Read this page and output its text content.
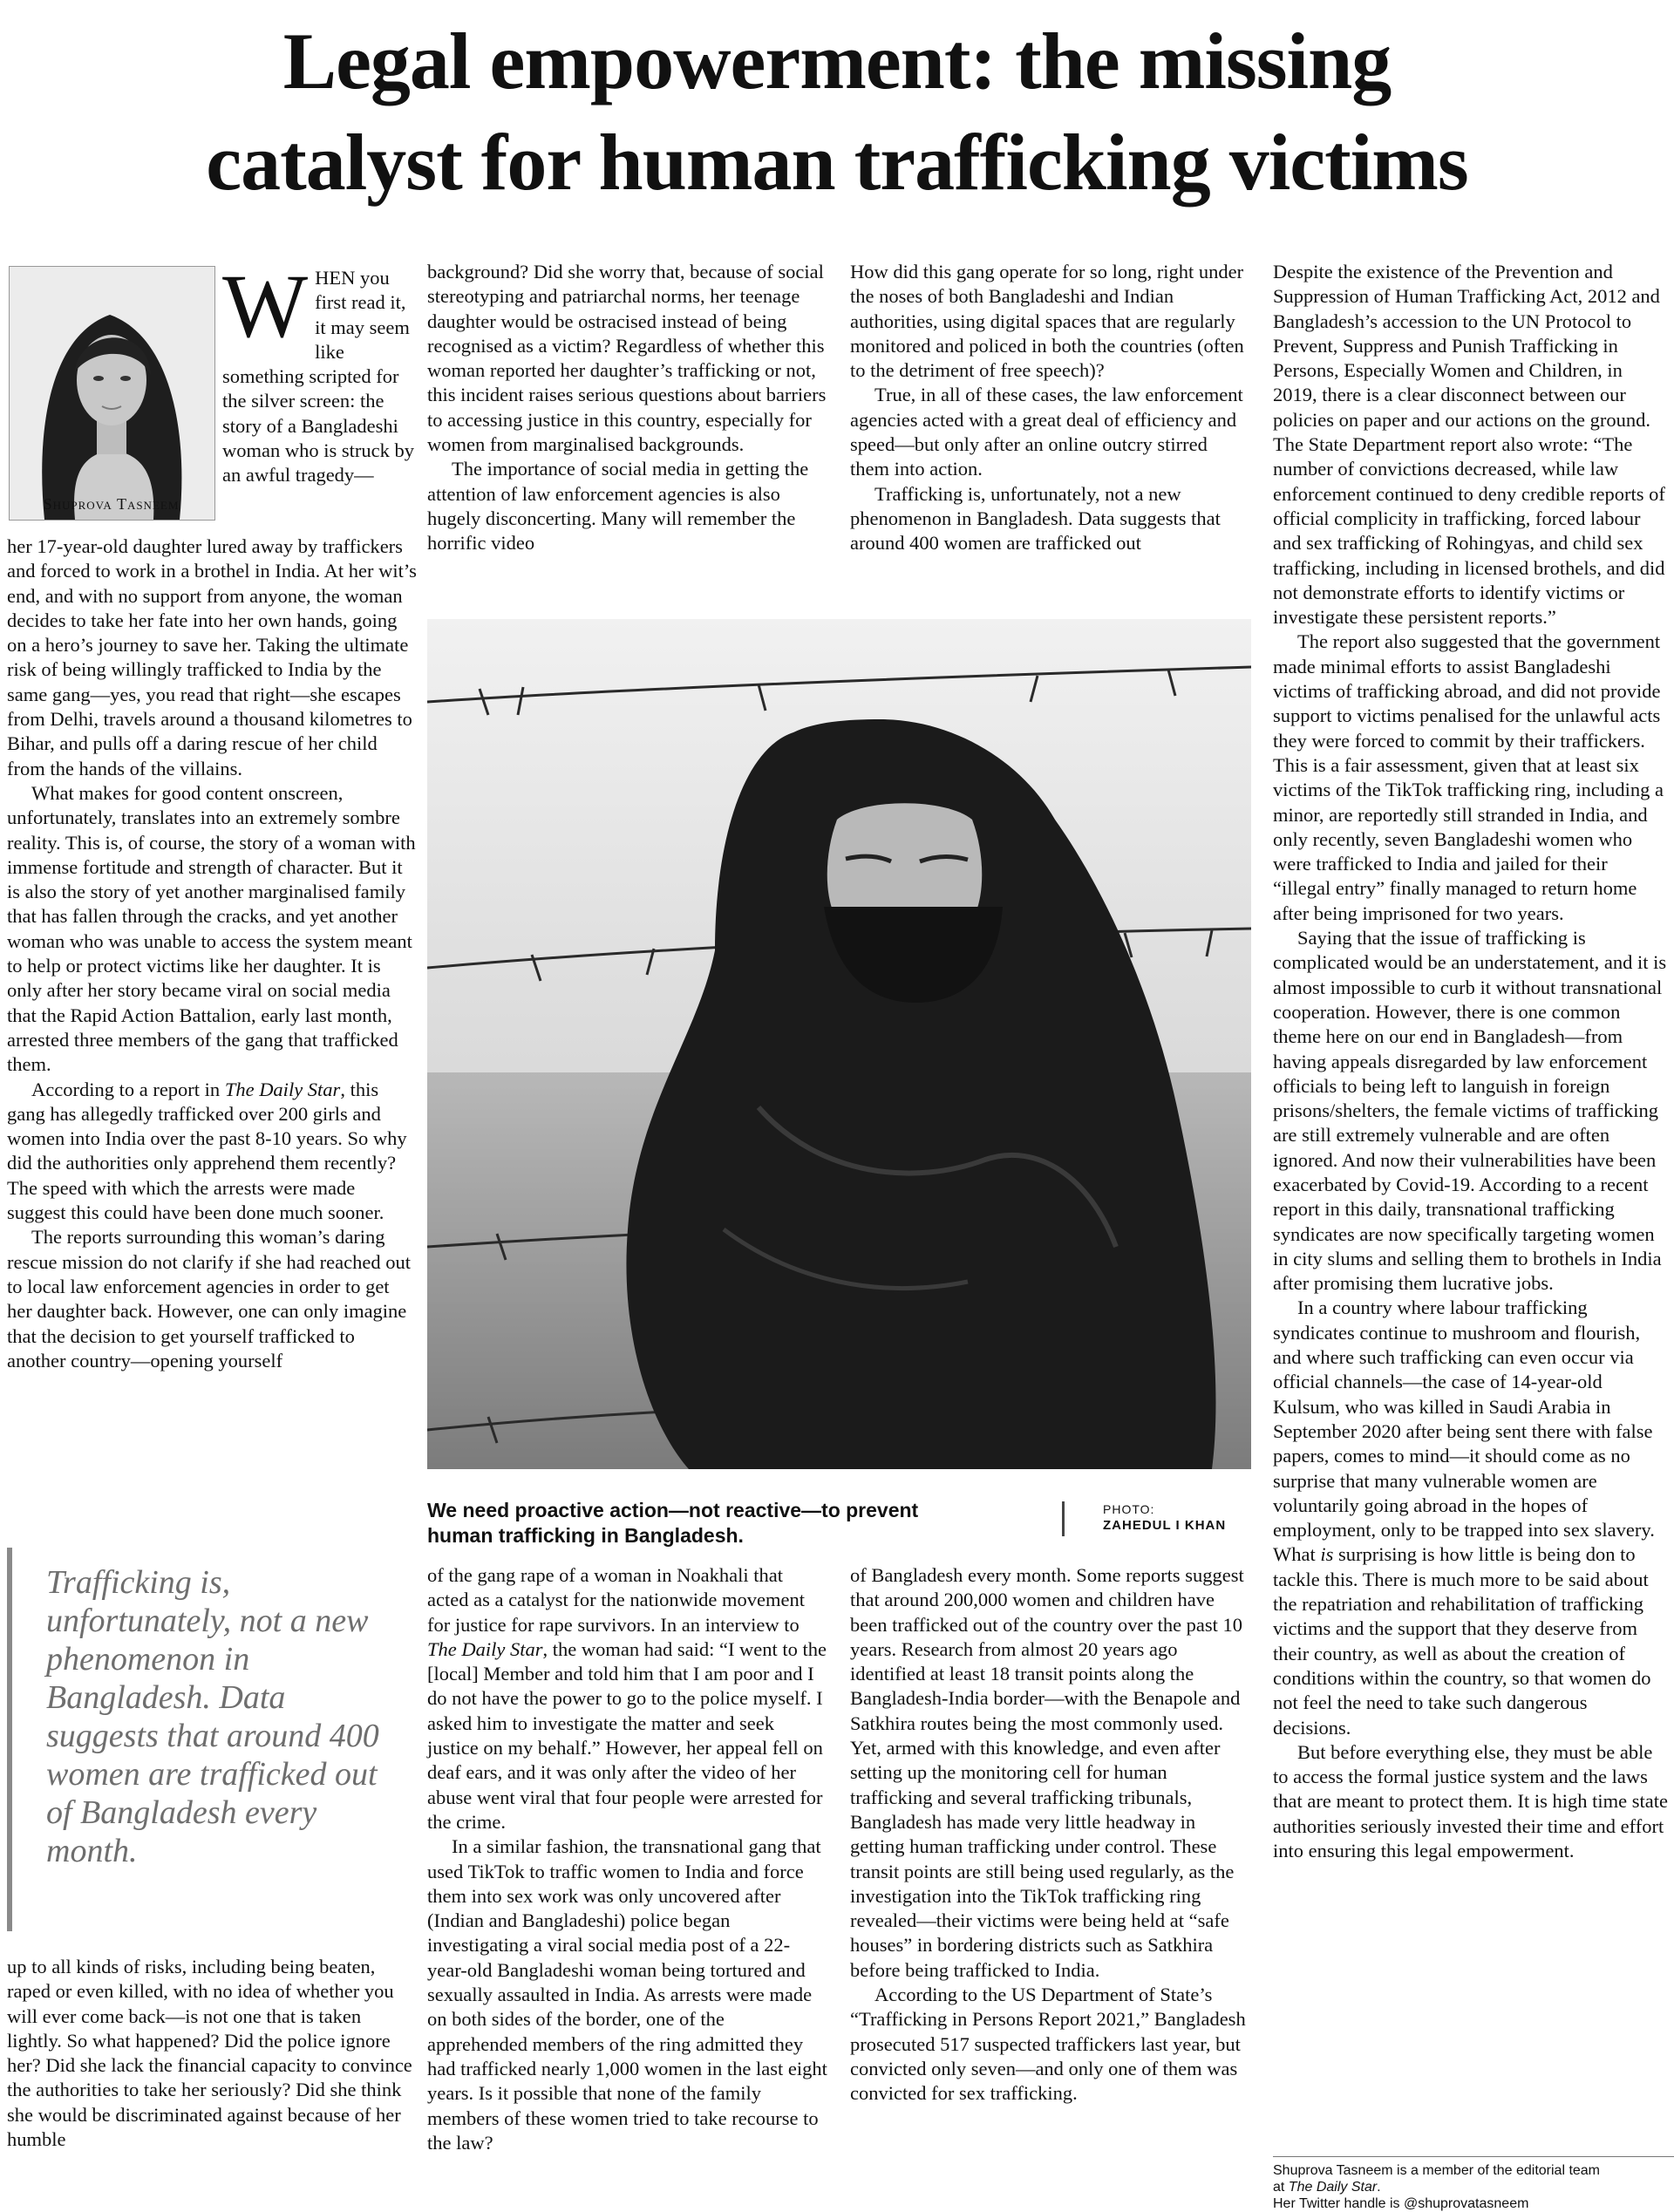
Legal empowerment: the missing
catalyst for human trafficking victims
Shuprova Tasneem

WHEN you first read it, it may seem like something scripted for the silver screen: the story of a Bangladeshi woman who is struck by an awful tragedy—

her 17-year-old daughter lured away by traffickers and forced to work in a brothel in India. At her wit’s end, and with no support from anyone, the woman decides to take her fate into her own hands, going on a hero’s journey to save her. Taking the ultimate risk of being willingly trafficked to India by the same gang—yes, you read that right—she escapes from Delhi, travels around a thousand kilometres to Bihar, and pulls off a daring rescue of her child from the hands of the villains.

What makes for good content onscreen, unfortunately, translates into an extremely sombre reality. This is, of course, the story of a woman with immense fortitude and strength of character. But it is also the story of yet another marginalised family that has fallen through the cracks, and yet another woman who was unable to access the system meant to help or protect victims like her daughter. It is only after her story became viral on social media that the Rapid Action Battalion, early last month, arrested three members of the gang that trafficked them.

According to a report in The Daily Star, this gang has allegedly trafficked over 200 girls and women into India over the past 8-10 years. So why did the authorities only apprehend them recently? The speed with which the arrests were made suggest this could have been done much sooner.

The reports surrounding this woman’s daring rescue mission do not clarify if she had reached out to local law enforcement agencies in order to get her daughter back. However, one can only imagine that the decision to get yourself trafficked to another country—opening yourself

Trafficking is, unfortunately, not a new phenomenon in Bangladesh. Data suggests that around 400 women are trafficked out of Bangladesh every month.

up to all kinds of risks, including being beaten, raped or even killed, with no idea of whether you will ever come back—is not one that is taken lightly. So what happened? Did the police ignore her? Did she lack the financial capacity to convince the authorities to take her seriously? Did she think she would be discriminated against because of her humble

background? Did she worry that, because of social stereotyping and patriarchal norms, her teenage daughter would be ostracised instead of being recognised as a victim? Regardless of whether this woman reported her daughter’s trafficking or not, this incident raises serious questions about barriers to accessing justice in this country, especially for women from marginalised backgrounds.

The importance of social media in getting the attention of law enforcement agencies is also hugely disconcerting. Many will remember the horrific video

How did this gang operate for so long, right under the noses of both Bangladeshi and Indian authorities, using digital spaces that are regularly monitored and policed in both the countries (often to the detriment of free speech)?

True, in all of these cases, the law enforcement agencies acted with a great deal of efficiency and speed—but only after an online outcry stirred them into action.

Trafficking is, unfortunately, not a new phenomenon in Bangladesh. Data suggests that around 400 women are trafficked out

We need proactive action—not reactive—to prevent human trafficking in Bangladesh.
PHOTO:
ZAHEDUL I KHAN

of the gang rape of a woman in Noakhali that acted as a catalyst for the nationwide movement for justice for rape survivors. In an interview to The Daily Star, the woman had said: “I went to the [local] Member and told him that I am poor and I do not have the power to go to the police myself. I asked him to investigate the matter and seek justice on my behalf.” However, her appeal fell on deaf ears, and it was only after the video of her abuse went viral that four people were arrested for the crime.

In a similar fashion, the transnational gang that used TikTok to traffic women to India and force them into sex work was only uncovered after (Indian and Bangladeshi) police began investigating a viral social media post of a 22-year-old Bangladeshi woman being tortured and sexually assaulted in India. As arrests were made on both sides of the border, one of the apprehended members of the ring admitted they had trafficked nearly 1,000 women in the last eight years. Is it possible that none of the family members of these women tried to take recourse to the law?

of Bangladesh every month. Some reports suggest that around 200,000 women and children have been trafficked out of the country over the past 10 years. Research from almost 20 years ago identified at least 18 transit points along the Bangladesh-India border—with the Benapole and Satkhira routes being the most commonly used. Yet, armed with this knowledge, and even after setting up the monitoring cell for human trafficking and several trafficking tribunals, Bangladesh has made very little headway in getting human trafficking under control. These transit points are still being used regularly, as the investigation into the TikTok trafficking ring revealed—their victims were being held at “safe houses” in bordering districts such as Satkhira before being trafficked to India.

According to the US Department of State’s “Trafficking in Persons Report 2021,” Bangladesh prosecuted 517 suspected traffickers last year, but convicted only seven—and only one of them was convicted for sex trafficking.

Despite the existence of the Prevention and Suppression of Human Trafficking Act, 2012 and Bangladesh’s accession to the UN Protocol to Prevent, Suppress and Punish Trafficking in Persons, Especially Women and Children, in 2019, there is a clear disconnect between our policies on paper and our actions on the ground. The State Department report also wrote: “The number of convictions decreased, while law enforcement continued to deny credible reports of official complicity in trafficking, forced labour and sex trafficking of Rohingyas, and child sex trafficking, including in licensed brothels, and did not demonstrate efforts to identify victims or investigate these persistent reports.”

The report also suggested that the government made minimal efforts to assist Bangladeshi victims of trafficking abroad, and did not provide support to victims penalised for the unlawful acts they were forced to commit by their traffickers. This is a fair assessment, given that at least six victims of the TikTok trafficking ring, including a minor, are reportedly still stranded in India, and only recently, seven Bangladeshi women who were trafficked to India and jailed for their “illegal entry” finally managed to return home after being imprisoned for two years.

Saying that the issue of trafficking is complicated would be an understatement, and it is almost impossible to curb it without transnational cooperation. However, there is one common theme here on our end in Bangladesh—from having appeals disregarded by law enforcement officials to being left to languish in foreign prisons/shelters, the female victims of trafficking are still extremely vulnerable and are often ignored. And now their vulnerabilities have been exacerbated by Covid-19. According to a recent report in this daily, transnational trafficking syndicates are now specifically targeting women in city slums and selling them to brothels in India after promising them lucrative jobs.

In a country where labour trafficking syndicates continue to mushroom and flourish, and where such trafficking can even occur via official channels—the case of 14-year-old Kulsum, who was killed in Saudi Arabia in September 2020 after being sent there with false papers, comes to mind—it should come as no surprise that many vulnerable women are voluntarily going abroad in the hopes of employment, only to be trapped into sex slavery. What is surprising is how little is being don to tackle this. There is much more to be said about the repatriation and rehabilitation of trafficking victims and the support that they deserve from their country, as well as about the creation of conditions within the country, so that women do not feel the need to take such dangerous decisions.

But before everything else, they must be able to access the formal justice system and the laws that are meant to protect them. It is high time state authorities seriously invested their time and effort into ensuring this legal empowerment.

Shuprova Tasneem is a member of the editorial team
at The Daily Star.
Her Twitter handle is @shuprovatasneem
